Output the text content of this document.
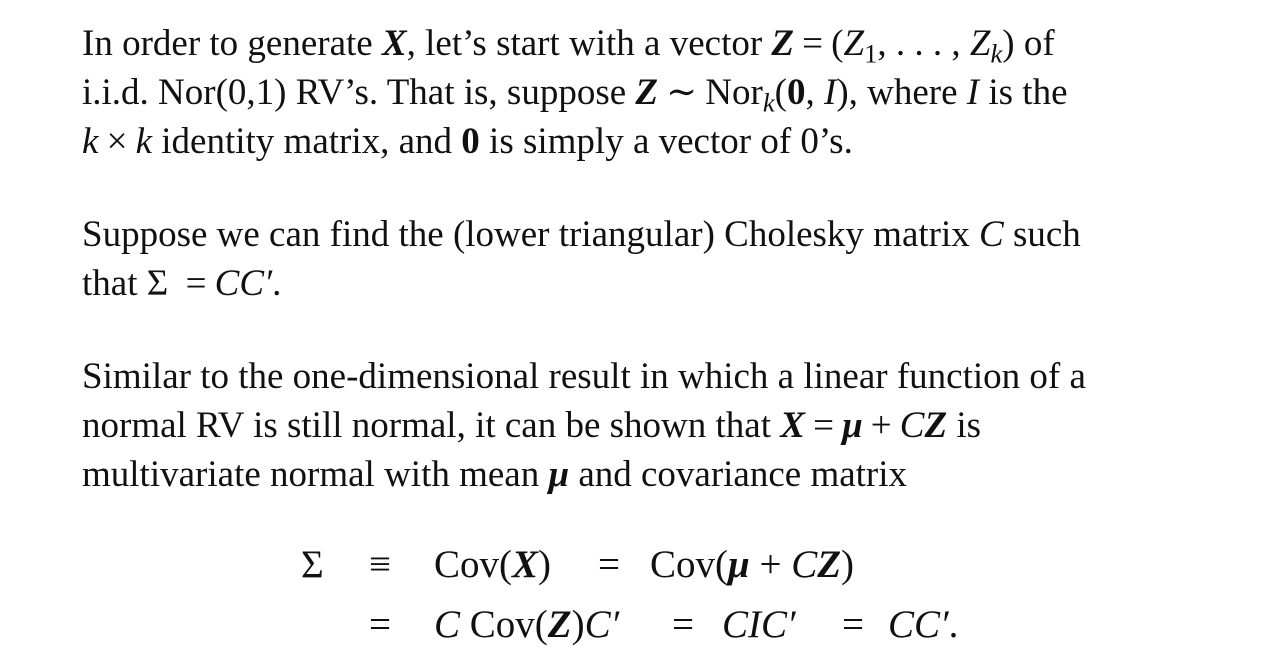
In order to generate X, let’s start with a vector $Z = (Z_1$, . . . , $Z_k$) of
i.i.d. Nor(0,1) RV’s. That is, suppose Z ∼ Nor$_k$(0, I), where I is the
k × k identity matrix, and 0 is simply a vector of 0’s.
Suppose we can find the (lower triangular) Cholesky matrix C such
that Σ = CC′.
Similar to the one-dimensional result in which a linear function of a
normal RV is still normal, it can be shown that X = μ + CZ is
multivariate normal with mean μ and covariance matrix
Σ ≡ Cov(X) = Cov(μ + CZ)
= C Cov(Z)C′ = CIC′ = CC′.
